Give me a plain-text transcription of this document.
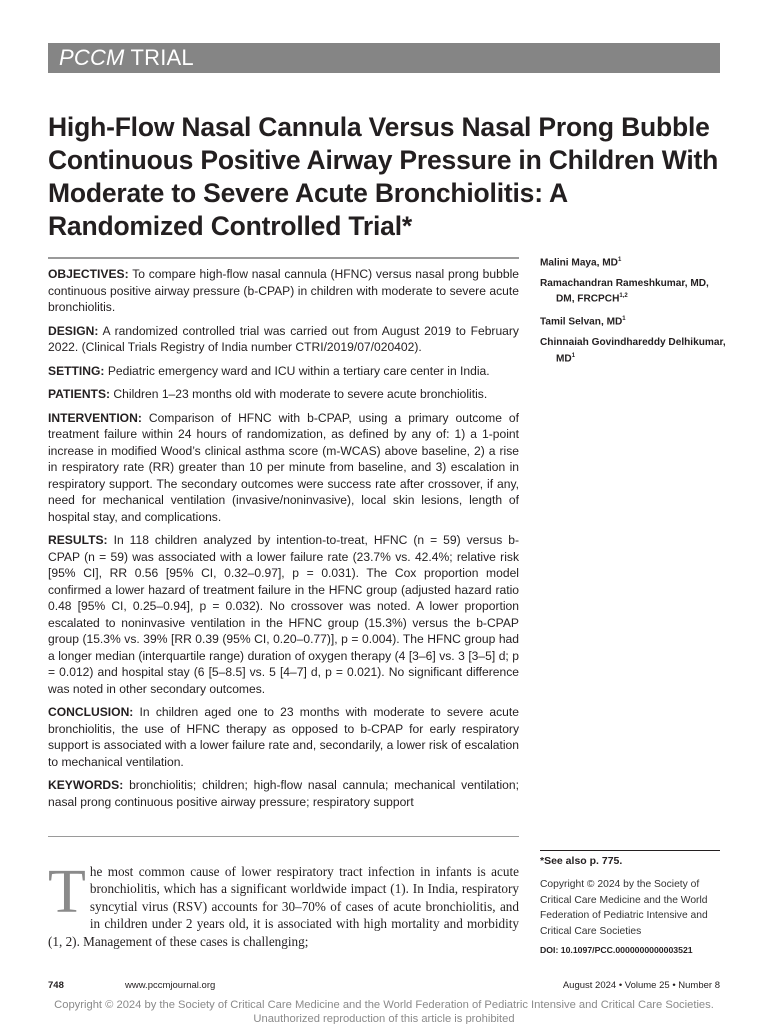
PCCM TRIAL
High-Flow Nasal Cannula Versus Nasal Prong Bubble Continuous Positive Airway Pressure in Children With Moderate to Severe Acute Bronchiolitis: A Randomized Controlled Trial*

OBJECTIVES: To compare high-flow nasal cannula (HFNC) versus nasal prong bubble continuous positive airway pressure (b-CPAP) in children with moderate to severe acute bronchiolitis.

DESIGN: A randomized controlled trial was carried out from August 2019 to February 2022. (Clinical Trials Registry of India number CTRI/2019/07/020402).

SETTING: Pediatric emergency ward and ICU within a tertiary care center in India.

PATIENTS: Children 1–23 months old with moderate to severe acute bronchiolitis.

INTERVENTION: Comparison of HFNC with b-CPAP, using a primary outcome of treatment failure within 24 hours of randomization, as defined by any of: 1) a 1-point increase in modified Wood’s clinical asthma score (m-WCAS) above baseline, 2) a rise in respiratory rate (RR) greater than 10 per minute from baseline, and 3) escalation in respiratory support. The secondary outcomes were success rate after crossover, if any, need for mechanical ventilation (invasive/noninvasive), local skin lesions, length of hospital stay, and complications.

RESULTS: In 118 children analyzed by intention-to-treat, HFNC (n = 59) versus b-CPAP (n = 59) was associated with a lower failure rate (23.7% vs. 42.4%; relative risk [95% CI], RR 0.56 [95% CI, 0.32–0.97], p = 0.031). The Cox proportion model confirmed a lower hazard of treatment failure in the HFNC group (adjusted hazard ratio 0.48 [95% CI, 0.25–0.94], p = 0.032). No crossover was noted. A lower proportion escalated to noninvasive ventilation in the HFNC group (15.3%) versus the b-CPAP group (15.3% vs. 39% [RR 0.39 (95% CI, 0.20–0.77)], p = 0.004). The HFNC group had a longer median (interquartile range) duration of oxygen therapy (4 [3–6] vs. 3 [3–5] d; p = 0.012) and hospital stay (6 [5–8.5] vs. 5 [4–7] d, p = 0.021). No significant difference was noted in other secondary outcomes.

CONCLUSION: In children aged one to 23 months with moderate to severe acute bronchiolitis, the use of HFNC therapy as opposed to b-CPAP for early respiratory support is associated with a lower failure rate and, secondarily, a lower risk of escalation to mechanical ventilation.

KEYWORDS: bronchiolitis; children; high-flow nasal cannula; mechanical ventilation; nasal prong continuous positive airway pressure; respiratory support

Malini Maya, $MD^1$
Ramachandran Rameshkumar, MD, DM, FRCPCH$^{1,2}$
Tamil Selvan, $MD^1$
Chinnaiah Govindhareddy Delhikumar, $MD^1$
*See also p. 775.
Copyright © 2024 by the Society of Critical Care Medicine and the World Federation of Pediatric Intensive and Critical Care Societies
DOI: 10.1097/PCC.0000000000003521
The most common cause of lower respiratory tract infection in infants is acute bronchiolitis, which has a significant worldwide impact (1). In India, respiratory syncytial virus (RSV) accounts for 30–70% of cases of acute bronchiolitis, and in children under 2 years old, it is associated with high mortality and morbidity (1, 2). Management of these cases is challenging;
748	www.pccmjournal.org	August 2024 • Volume 25 • Number 8
Copyright © 2024 by the Society of Critical Care Medicine and the World Federation of Pediatric Intensive and Critical Care Societies.
Unauthorized reproduction of this article is prohibited
